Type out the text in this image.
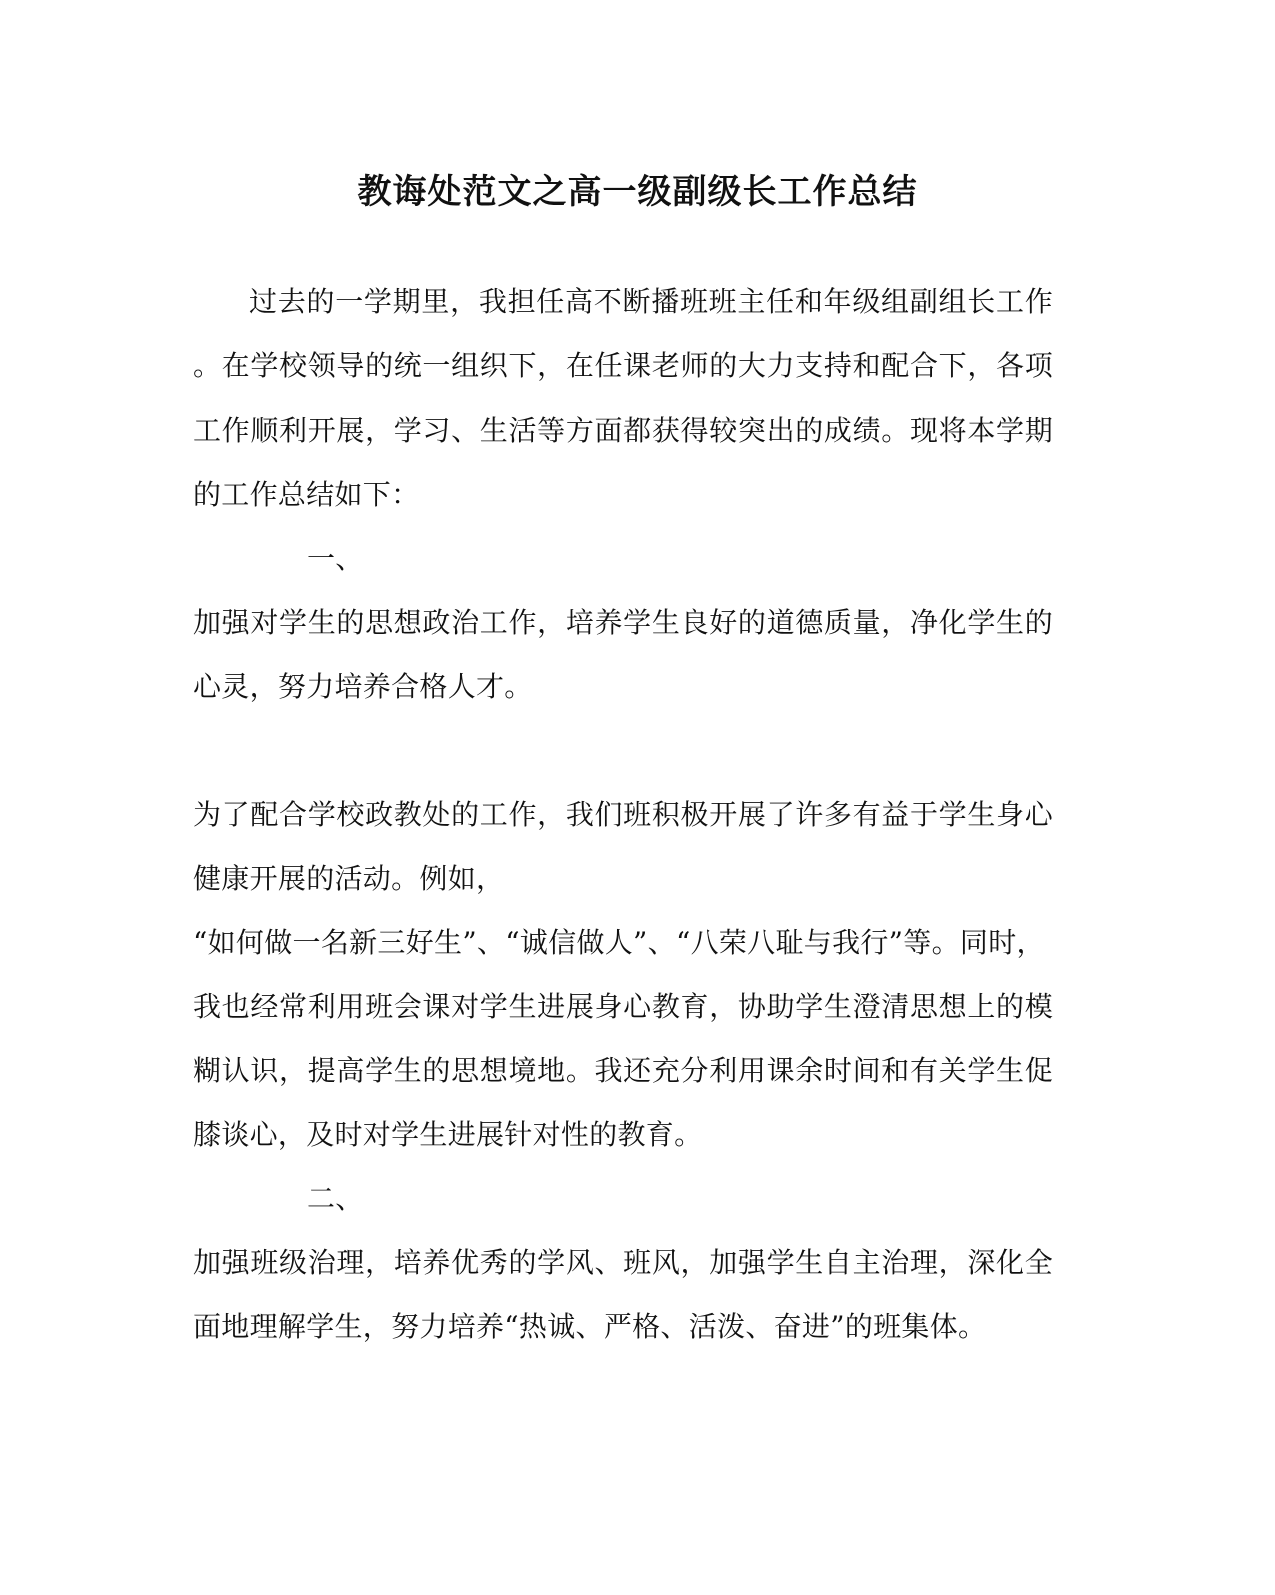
教诲处范文之高一级副级长工作总结
过去的一学期里，我担任高不断播班班主任和年级组副组长工作
。在学校领导的统一组织下，在任课老师的大力支持和配合下，各项
工作顺利开展，学习、生活等方面都获得较突出的成绩。现将本学期
的工作总结如下：
一、
加强对学生的思想政治工作，培养学生良好的道德质量，净化学生的
心灵，努力培养合格人才。
为了配合学校政教处的工作，我们班积极开展了许多有益于学生身心
健康开展的活动。例如，
“如何做一名新三好生”、“诚信做人”、“八荣八耻与我行”等。同时，
我也经常利用班会课对学生进展身心教育，协助学生澄清思想上的模
糊认识，提高学生的思想境地。我还充分利用课余时间和有关学生促
膝谈心，及时对学生进展针对性的教育。
二、
加强班级治理，培养优秀的学风、班风，加强学生自主治理，深化全
面地理解学生，努力培养“热诚、严格、活泼、奋进”的班集体。
